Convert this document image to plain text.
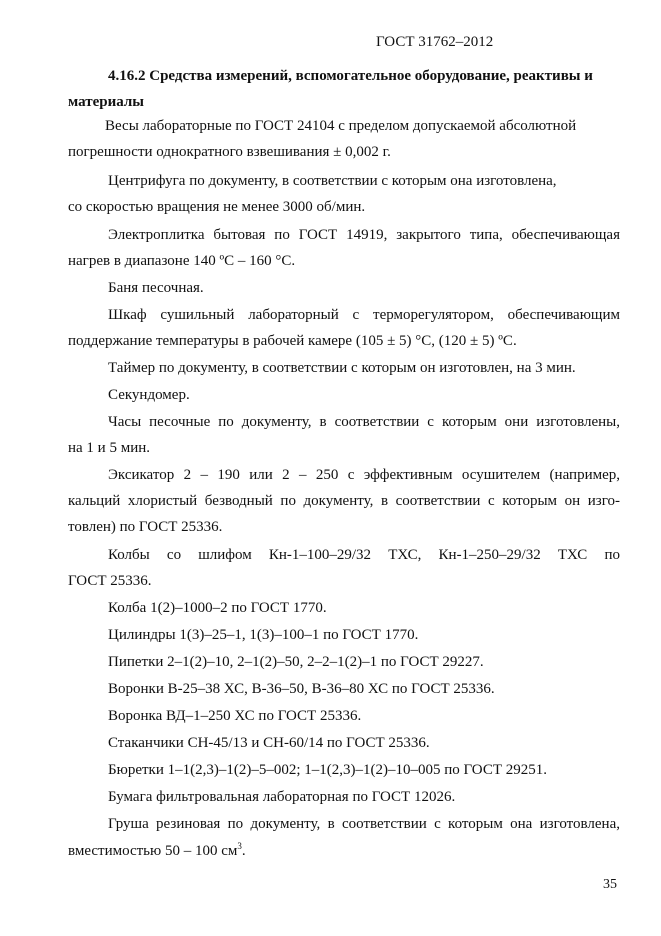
ГОСТ 31762–2012
4.16.2 Средства измерений, вспомогательное оборудование, реактивы и
материалы
Весы лабораторные по ГОСТ 24104 с пределом допускаемой абсолютной
погрешности однократного взвешивания ± 0,002 г.
Центрифуга по документу, в соответствии с которым она изготовлена,
со скоростью вращения не менее 3000 об/мин.
Электроплитка бытовая по ГОСТ 14919, закрытого типа, обеспечивающая
нагрев в диапазоне 140 ºС – 160 °С.
Баня песочная.
Шкаф сушильный лабораторный с терморегулятором, обеспечивающим
поддержание температуры в рабочей камере (105 ± 5) °С, (120 ± 5) ºС.
Таймер по документу, в соответствии с которым он изготовлен, на 3 мин.
Секундомер.
Часы песочные по документу, в соответствии с которым они изготовлены,
на 1 и 5 мин.
Эксикатор 2 – 190 или 2 – 250 с эффективным осушителем (например,
кальций хлористый безводный по документу, в соответствии с которым он изго-
товлен) по ГОСТ 25336.
Колбы со шлифом Кн-1–100–29/32 ТХС, Кн-1–250–29/32 ТХС по
ГОСТ 25336.
Колба 1(2)–1000–2 по ГОСТ 1770.
Цилиндры 1(3)–25–1, 1(3)–100–1 по ГОСТ 1770.
Пипетки 2–1(2)–10, 2–1(2)–50, 2–2–1(2)–1 по ГОСТ 29227.
Воронки В-25–38 ХС, В-36–50, В-36–80 ХС по ГОСТ 25336.
Воронка ВД–1–250 ХС по ГОСТ 25336.
Стаканчики СН-45/13 и СН-60/14 по ГОСТ 25336.
Бюретки 1–1(2,3)–1(2)–5–002; 1–1(2,3)–1(2)–10–005 по ГОСТ 29251.
Бумага фильтровальная лабораторная по ГОСТ 12026.
Груша резиновая по документу, в соответствии с которым она изготовлена,
вместимостью 50 – 100 $см^3$.
35
